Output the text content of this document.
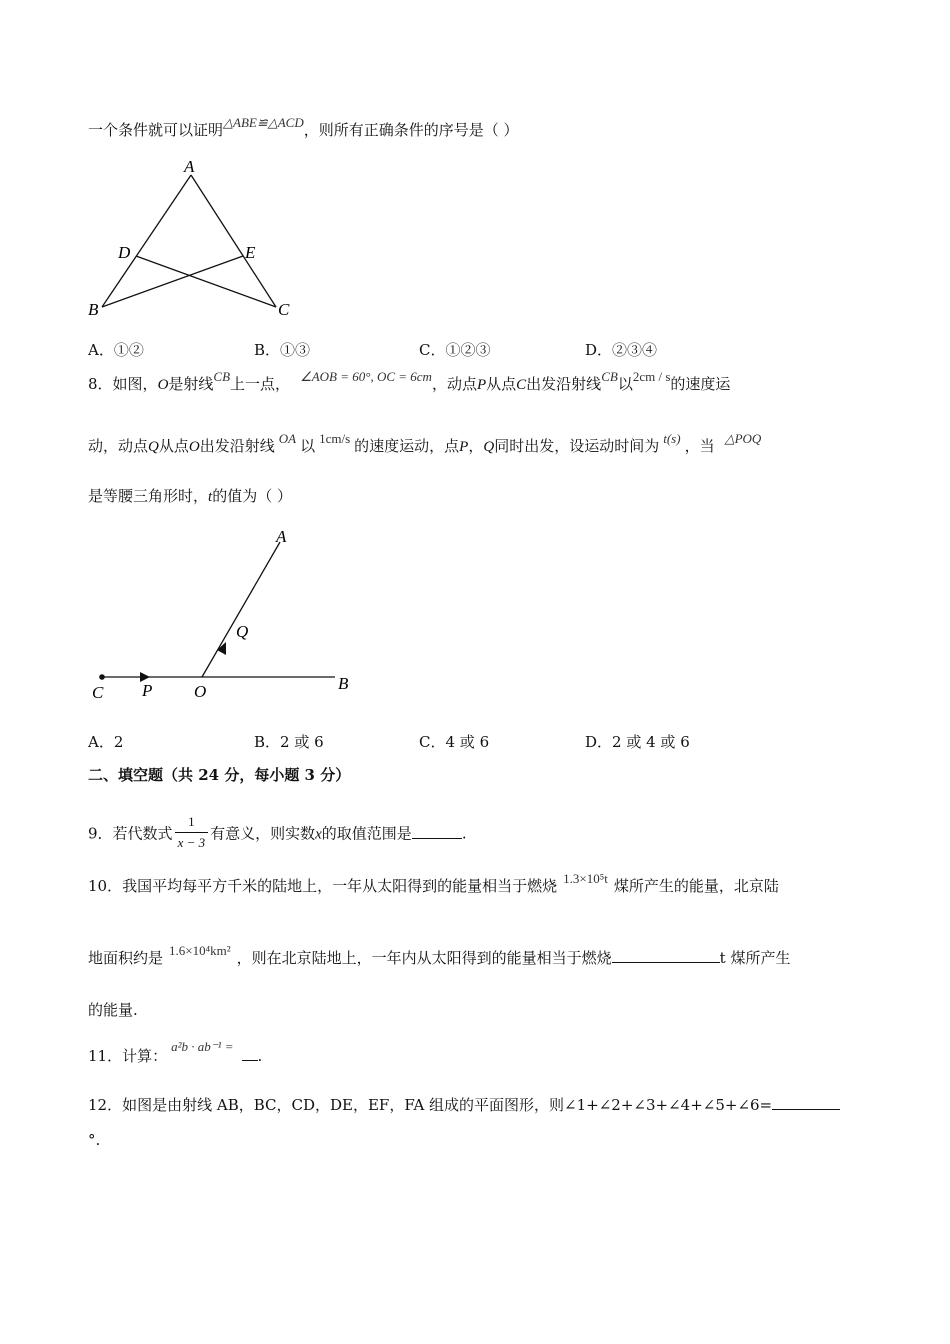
一个条件就可以证明△ABE≌△ACD，则所有正确条件的序号是（ ）
A
D	E
B	C
A．①②	B．①③	C．①②③	D．②③④
8．如图，O是射线CB上一点， ∠AOB = 60°, OC = 6cm，动点P从点C出发沿射线CB以2cm / s的速度运
动，动点Q从点O出发沿射线 OA 以 1cm/s 的速度运动，点P，Q同时出发，设运动时间为 t(s) ，当 △POQ
是等腰三角形时，t的值为（ ）
A
Q
C P O	B
A．2	B．2 或 6	C．4 或 6	D．2 或 4 或 6
二、填空题（共 24 分，每小题 3 分）
9．若代数式 $\frac{1}{x - 3}$ 有意义，则实数x的取值范围是	.
10．我国平均每平方千米的陆地上，一年从太阳得到的能量相当于燃烧 1.3×10⁵t 煤所产生的能量，北京陆
地面积约是 1.6×10⁴km² ，则在北京陆地上，一年内从太阳得到的能量相当于燃烧	t 煤所产生
的能量.
11．计算：a²b · ab⁻¹ =.
12．如图是由射线 AB，BC，CD，DE，EF，FA 组成的平面图形，则∠1+∠2+∠3+∠4+∠5+∠6=
°.
